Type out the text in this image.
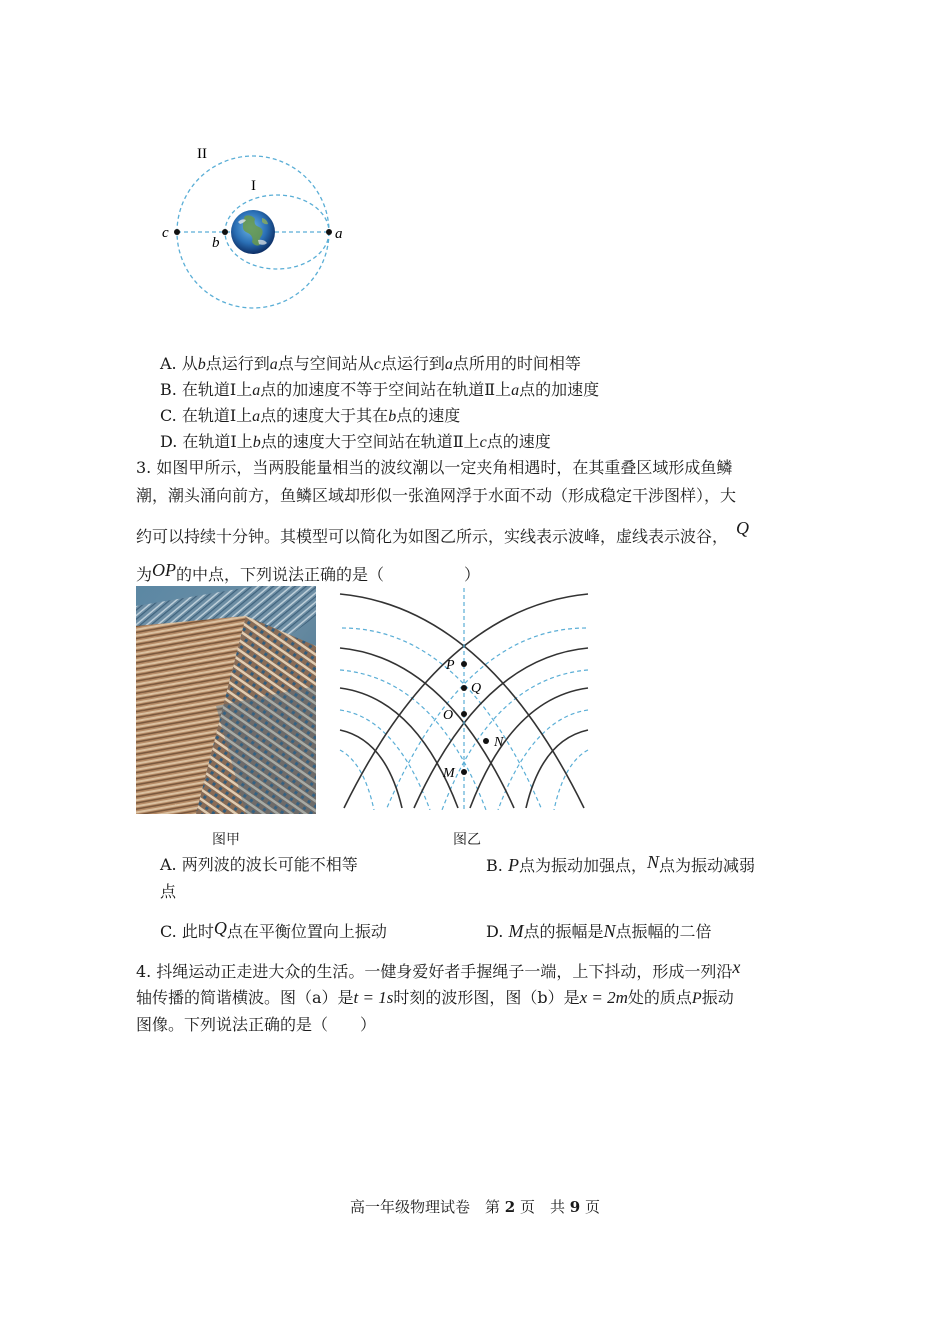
II
I
c
b
a
A. 从b点运行到a点与空间站从c点运行到a点所用的时间相等
B. 在轨道Ⅰ上a点的加速度不等于空间站在轨道Ⅱ上a点的加速度
C. 在轨道Ⅰ上a点的速度大于其在b点的速度
D. 在轨道Ⅰ上b点的速度大于空间站在轨道Ⅱ上c点的速度
3. 如图甲所示，当两股能量相当的波纹潮以一定夹角相遇时，在其重叠区域形成鱼鳞
潮，潮头涌向前方，鱼鳞区域却形似一张渔网浮于水面不动（形成稳定干涉图样），大
约可以持续十分钟。其模型可以简化为如图乙所示，实线表示波峰，虚线表示波谷， Q
为OP的中点，下列说法正确的是（　　　　　）
P
Q
O
N
M
图甲	图乙
A. 两列波的波长可能不相等
点
B. P点为振动加强点，N点为振动减弱
C. 此时Q点在平衡位置向上振动	D. M点的振幅是N点振幅的二倍
4. 抖绳运动正走进大众的生活。一健身爱好者手握绳子一端，上下抖动，形成一列沿x
轴传播的简谐横波。图（a）是t = 1s时刻的波形图，图（b）是x = 2m处的质点P振动
图像。下列说法正确的是（　　）
高一年级物理试卷　第 2 页　共 9 页
